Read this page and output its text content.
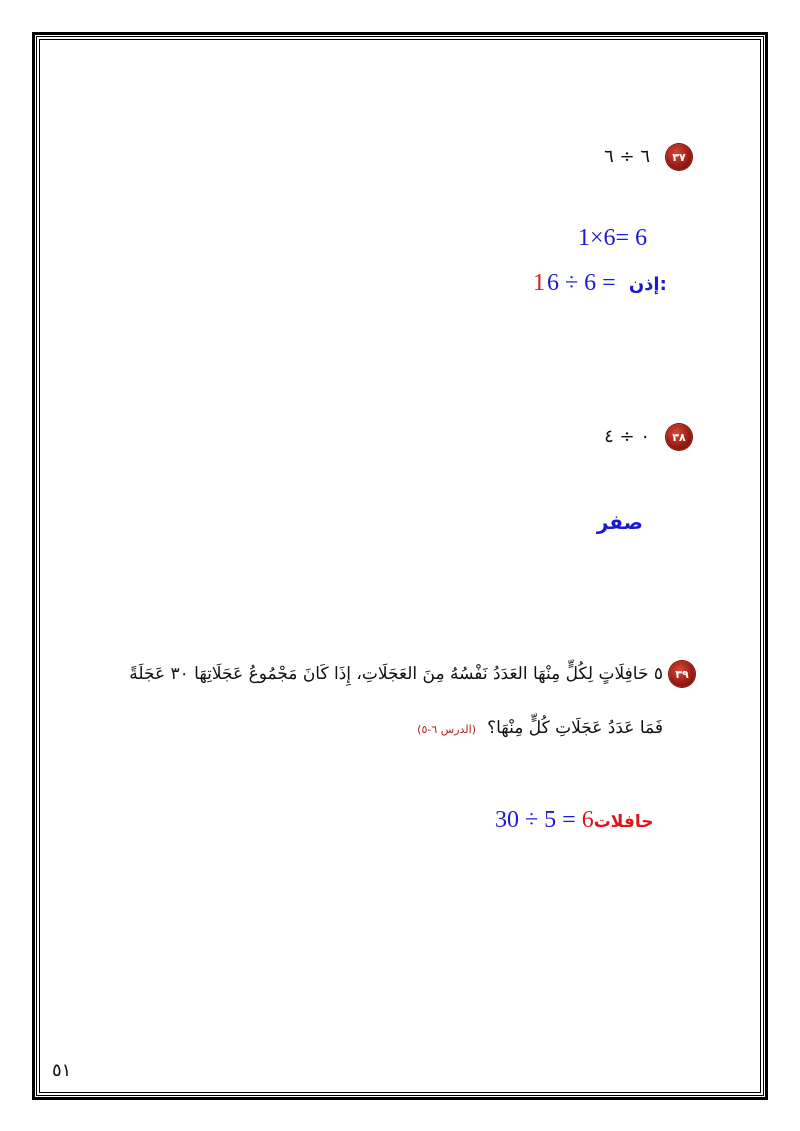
٣٧
٦ ÷ ٦
1×6= 6
16 ÷ 6 = إذن:
٣٨
٠ ÷ ٤
صفر
٣٩
٥ حَافِلَاتٍ لِكُلٍّ مِنْهَا العَدَدُ نَفْسُهُ مِنَ العَجَلَاتِ، إِذَا كَانَ مَجْمُوعُ عَجَلَاتِهَا ٣٠ عَجَلَةً
فَمَا عَدَدُ عَجَلَاتِ كُلٍّ مِنْهَا؟ (الدرس ٦-٥)
حافلات6 = 5 ÷ 30
٥١
